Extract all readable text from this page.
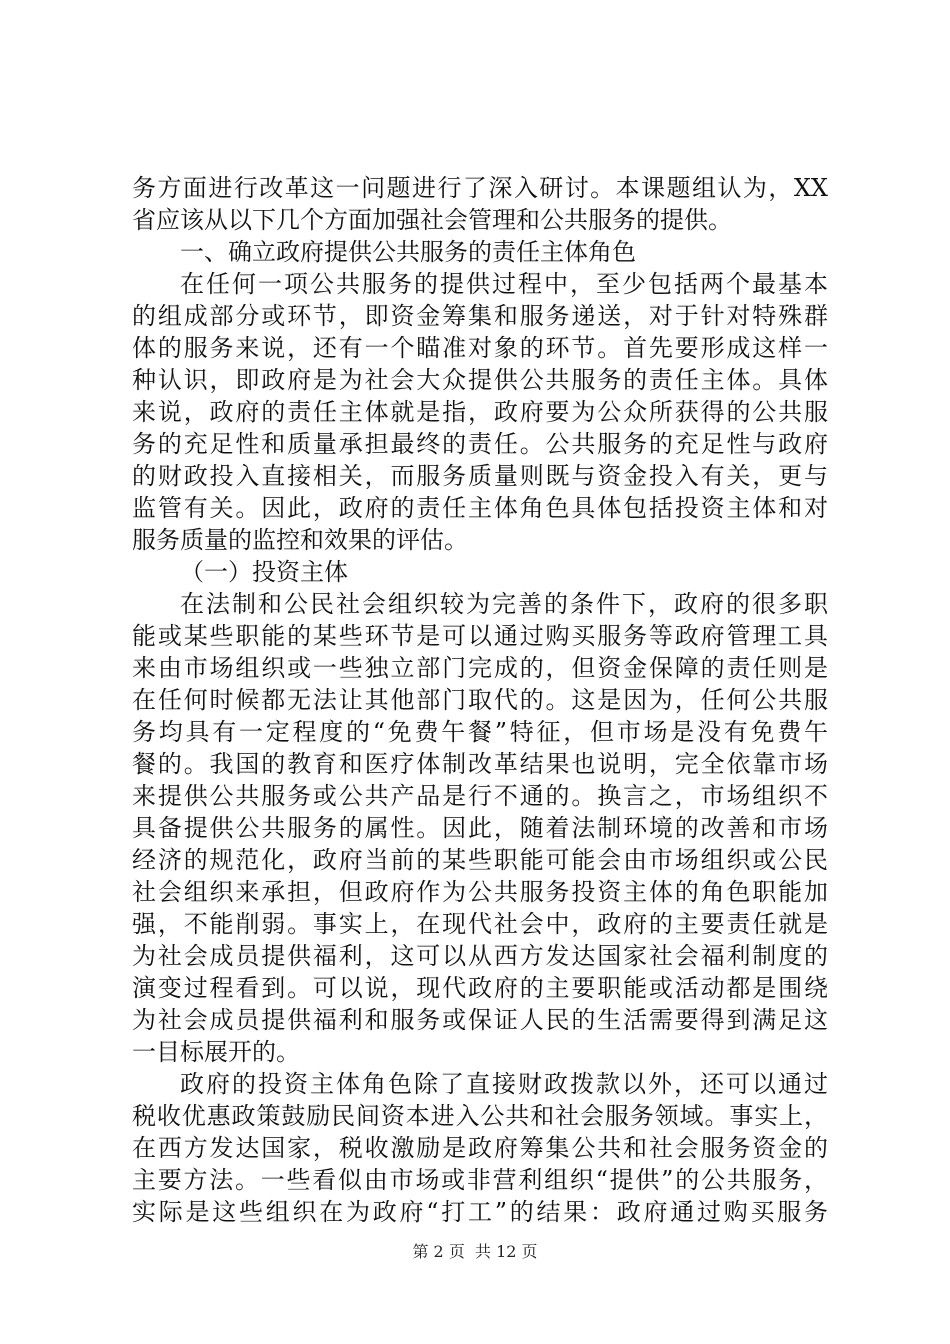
务方面进行改革这一问题进行了深入研讨。本课题组认为，XX
省应该从以下几个方面加强社会管理和公共服务的提供。
一、确立政府提供公共服务的责任主体角色
在任何一项公共服务的提供过程中，至少包括两个最基本
的组成部分或环节，即资金筹集和服务递送，对于针对特殊群
体的服务来说，还有一个瞄准对象的环节。首先要形成这样一
种认识，即政府是为社会大众提供公共服务的责任主体。具体
来说，政府的责任主体就是指，政府要为公众所获得的公共服
务的充足性和质量承担最终的责任。公共服务的充足性与政府
的财政投入直接相关，而服务质量则既与资金投入有关，更与
监管有关。因此，政府的责任主体角色具体包括投资主体和对
服务质量的监控和效果的评估。
（一）投资主体
在法制和公民社会组织较为完善的条件下，政府的很多职
能或某些职能的某些环节是可以通过购买服务等政府管理工具
来由市场组织或一些独立部门完成的，但资金保障的责任则是
在任何时候都无法让其他部门取代的。这是因为，任何公共服
务均具有一定程度的“免费午餐”特征，但市场是没有免费午
餐的。我国的教育和医疗体制改革结果也说明，完全依靠市场
来提供公共服务或公共产品是行不通的。换言之，市场组织不
具备提供公共服务的属性。因此，随着法制环境的改善和市场
经济的规范化，政府当前的某些职能可能会由市场组织或公民
社会组织来承担，但政府作为公共服务投资主体的角色职能加
强，不能削弱。事实上，在现代社会中，政府的主要责任就是
为社会成员提供福利，这可以从西方发达国家社会福利制度的
演变过程看到。可以说，现代政府的主要职能或活动都是围绕
为社会成员提供福利和服务或保证人民的生活需要得到满足这
一目标展开的。
政府的投资主体角色除了直接财政拨款以外，还可以通过
税收优惠政策鼓励民间资本进入公共和社会服务领域。事实上，
在西方发达国家，税收激励是政府筹集公共和社会服务资金的
主要方法。一些看似由市场或非营利组织“提供”的公共服务，
实际是这些组织在为政府“打工”的结果：政府通过购买服务
第 2 页  共 12 页
